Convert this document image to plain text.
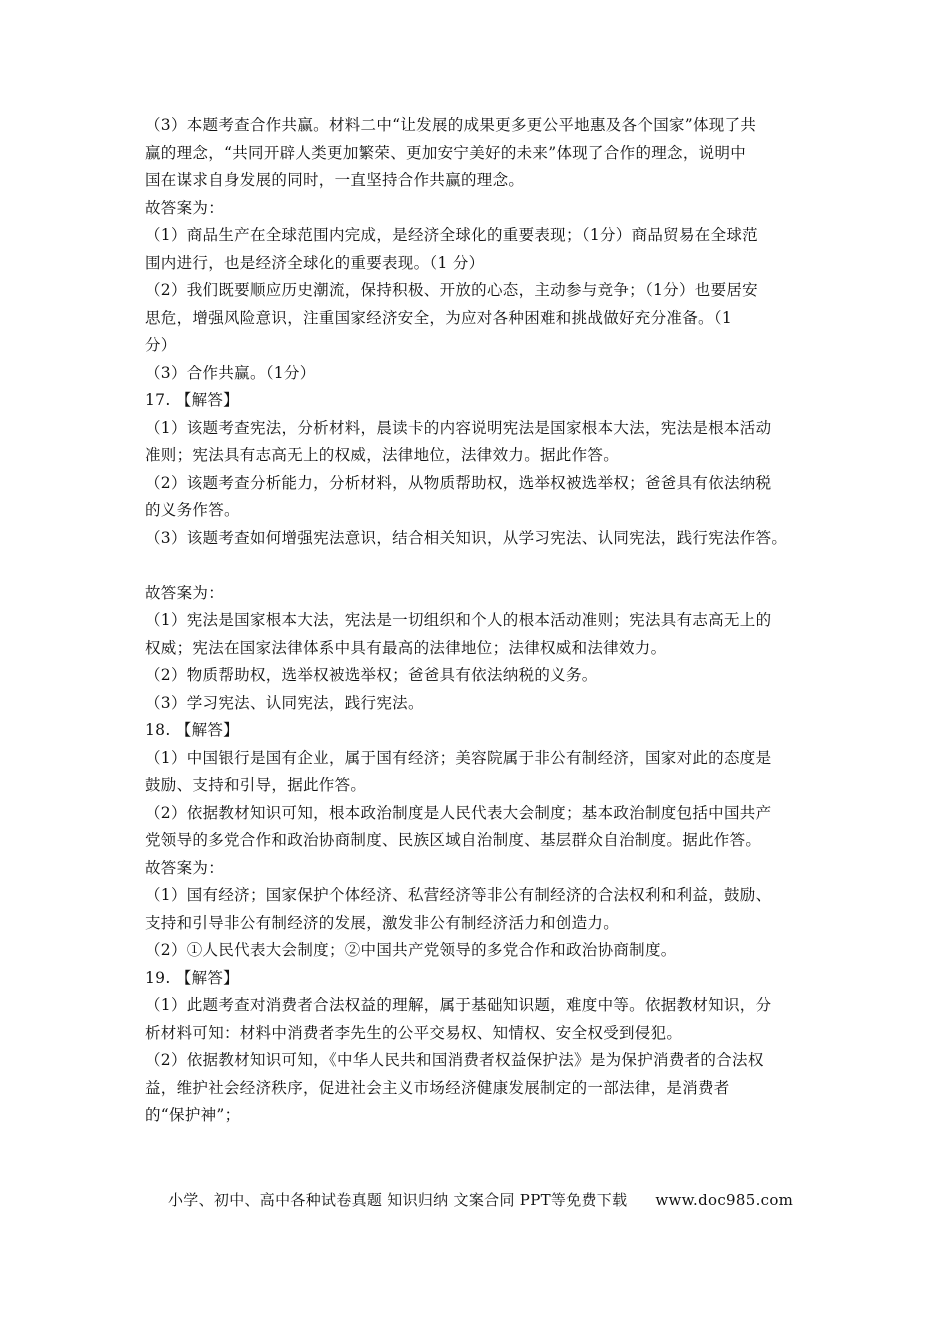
（3）本题考查合作共赢。材料二中“让发展的成果更多更公平地惠及各个国家”体现了共
赢的理念，“共同开辟人类更加繁荣、更加安宁美好的未来”体现了合作的理念，说明中
国在谋求自身发展的同时，一直坚持合作共赢的理念。
故答案为：
（1）商品生产在全球范围内完成，是经济全球化的重要表现；（1分）商品贸易在全球范
围内进行，也是经济全球化的重要表现。（1 分）
（2）我们既要顺应历史潮流，保持积极、开放的心态，主动参与竞争；（1分）也要居安
思危，增强风险意识，注重国家经济安全，为应对各种困难和挑战做好充分准备。（1
分）
（3）合作共赢。（1分）
17. 【解答】
（1）该题考查宪法，分析材料，晨读卡的内容说明宪法是国家根本大法，宪法是根本活动
准则；宪法具有志高无上的权威，法律地位，法律效力。据此作答。
（2）该题考查分析能力，分析材料，从物质帮助权，选举权被选举权；爸爸具有依法纳税
的义务作答。
（3）该题考查如何增强宪法意识，结合相关知识，从学习宪法、认同宪法，践行宪法作答。
故答案为：
（1）宪法是国家根本大法，宪法是一切组织和个人的根本活动准则；宪法具有志高无上的
权威；宪法在国家法律体系中具有最高的法律地位；法律权威和法律效力。
（2）物质帮助权，选举权被选举权；爸爸具有依法纳税的义务。
（3）学习宪法、认同宪法，践行宪法。
18. 【解答】
（1）中国银行是国有企业，属于国有经济；美容院属于非公有制经济，国家对此的态度是
鼓励、支持和引导，据此作答。
（2）依据教材知识可知，根本政治制度是人民代表大会制度；基本政治制度包括中国共产
党领导的多党合作和政治协商制度、民族区域自治制度、基层群众自治制度。据此作答。
故答案为：
（1）国有经济；国家保护个体经济、私营经济等非公有制经济的合法权利和利益，鼓励、
支持和引导非公有制经济的发展，激发非公有制经济活力和创造力。
（2）①人民代表大会制度；②中国共产党领导的多党合作和政治协商制度。
19. 【解答】
（1）此题考查对消费者合法权益的理解，属于基础知识题，难度中等。依据教材知识，分
析材料可知：材料中消费者李先生的公平交易权、知情权、安全权受到侵犯。
（2）依据教材知识可知，《中华人民共和国消费者权益保护法》是为保护消费者的合法权
益，维护社会经济秩序，促进社会主义市场经济健康发展制定的一部法律，是消费者
的“保护神”；
小学、初中、高中各种试卷真题 知识归纳 文案合同 PPT等免费下载 www.doc985.com
